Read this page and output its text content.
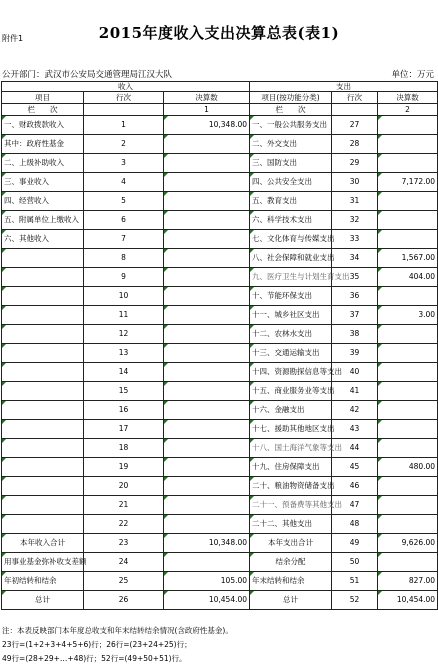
附件1	2015年度收入支出决算总表(表1)
公开部门：武汉市公安局交通管理局江汉大队	单位：万元
收入			支出		
项目	行次	决算数	项目(按功能分类)	行次	决算数
栏　　次		1	栏　　次		2
一、财政拨款收入	1	10,348.00	一、一般公共服务支出	27	
其中：政府性基金	2		二、外交支出	28	
二、上级补助收入	3		三、国防支出	29	
三、事业收入	4		四、公共安全支出	30	7,172.00
四、经营收入	5		五、教育支出	31	
五、附属单位上缴收入	6		六、科学技术支出	32	
六、其他收入	7		七、文化体育与传媒支出	33	
	8		八、社会保障和就业支出	34	1,567.00
	9		九、医疗卫生与计划生育支出	35	404.00
	10		十、节能环保支出	36	
	11		十一、城乡社区支出	37	3.00
	12		十二、农林水支出	38	
	13		十三、交通运输支出	39	
	14		十四、资源勘探信息等支出	40	
	15		十五、商业服务业等支出	41	
	16		十六、金融支出	42	
	17		十七、援助其他地区支出	43	
	18		十八、国土海洋气象等支出	44	
	19		十九、住房保障支出	45	480.00
	20		二十、粮油物资储备支出	46	
	21		二十一、预备费等其他支出	47	
	22		二十二、其他支出	48	
本年收入合计	23	10,348.00	本年支出合计	49	9,626.00
用事业基金弥补收支差额	24		结余分配	50	
年初结转和结余	25	105.00	年末结转和结余	51	827.00
总计	26	10,454.00	总计	52	10,454.00
注：本表反映部门本年度总收支和年末结转结余情况(含政府性基金)。
23行=(1+2+3+4+5+6)行；26行=(23+24+25)行；
49行=(28+29+…+48)行；52行=(49+50+51)行。
